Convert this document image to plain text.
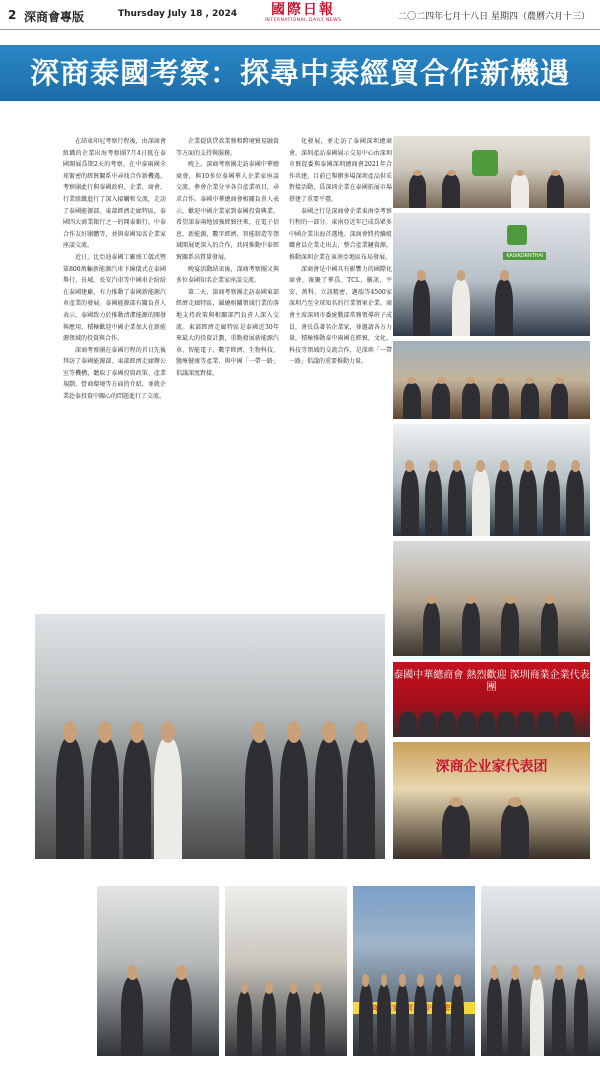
2 深商會專版	Thursday July 18 , 2024	國際日報
INTERNATIONAL DAILY NEWS	二〇二四年七月十八日 星期四（農曆六月十三）
深商泰國考察：探尋中泰經貿合作新機遇

在結束印尼考察行程後，由深商會組織的企業出海考察團7月4日抵在泰國開展爲期2天的考察。在中泰兩國全球緊密的經貿關系中尋找合作新機遇。考察團此行與泰國政府、企業、商會、行業組織進行了深入接觸和交流，走訪了泰國能源部、東部經濟走廊特區，泰國四大商業銀行之一的開泰銀行，中泰合作友好團體等，並與泰國知名企業家座談交流。

近日，比亞迪泰國工廠竣工儀式暨第800萬輛新能源汽車下線儀式在泰國舉行，長城、長安汽車等中國車企紛紛在泰國建廠，有力推動了泰國新能源汽車產業的發展。泰國能源部有關負責人表示，泰國致力於推動清潔能源的開發與應用，積極歡迎中國企業加大在新能源領域的投資與合作。

深商考察團在泰國行程的首日先後拜訪了泰國能源部、東部經濟走廊辦公室等機構，聽取了泰國投資政策、產業規劃、營商環境等方面的介紹，並就企業赴泰投資中關心的問題進行了交流。

企業提供貸款業務和跨境貿易融資等方面的支持與服務。

晚上，深商考察團走訪泰國中華總商會，與10多位泰國華人企業家座談交流，參會企業分享各自產業項目，尋求合作。泰國中華總商會相關負責人表示，歡迎中國企業家到泰國投資興業，希望深泰兩地加強經貿往來，在電子信息、新能源、數字經濟、智能制造等領域開展更深入的合作，共同推動中泰經貿關系高質量發展。

晚宴活動結束後，深商考察團又與多位泰國知名企業家座談交流。

第二天，深商考察團走訪泰國東部經濟走廊特區，圍繞相關領域行業的落地支持政策與相關部門負責人深入交流。東部經濟走廊特區是泰國近30年來最大的投資計劃，重點發展新能源汽車、智能電子、數字經濟、生物科技、醫療健康等產業，與中國「一帶一路」倡議深度對接。

化發展，並走訪了泰國深圳總商會。深圳產品泰國展示交易中心由深圳市貿促委與泰國深圳總商會2021年合作共建，目前已舉辦多場深圳產品供采對接活動，爲深圳企業在泰國拓展市場搭建了重要平臺。

泰國之行是深商會企業東南亞考察行程的一部分。東南亞近年已成爲眾多中國企業出海首選地。深商會將持續組織會員企業走出去，整合產業鏈資源，推動深圳企業在東南亞地區布局發展。

深商會是中國具有影響力的國際化商會，匯聚了華爲、TCL、騰訊、平安、萬科、立訊精密、邁瑞等4500家深圳乃至全球知名的行業領軍企業。商會主席深圳市委統戰部常務領導班子成員，會長爲著名企業家，並邀請各方力量，積極推動泰中兩國在經貿、文化、科技等領域的交流合作，是深圳「一帶一路」倡議的重要推動力量。

KASIKORNTHAI
泰國中華總商會 熱烈歡迎 深圳商業企業代表團
深商企业家代表团
